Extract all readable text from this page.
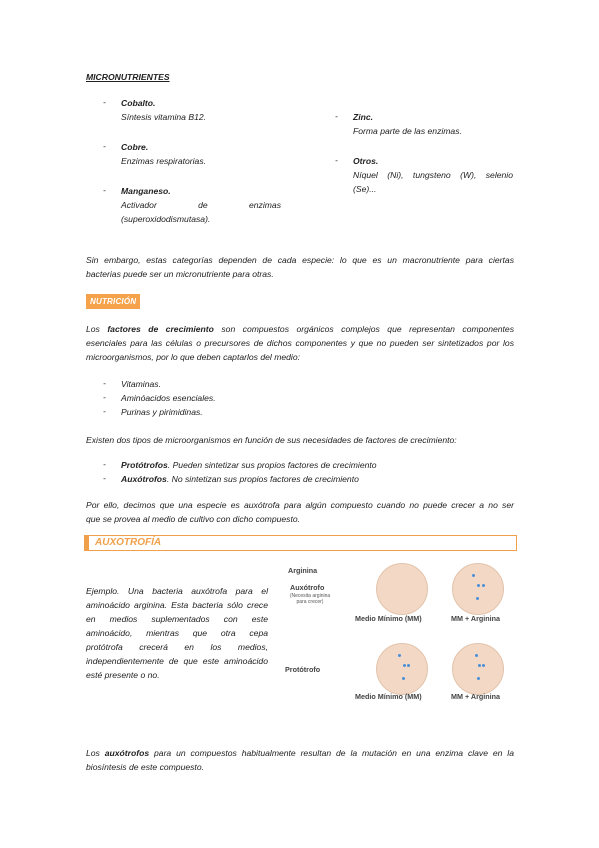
MICRONUTRIENTES
- Cobalto.
Síntesis vitamina B12.
- Cobre.
Enzimas respiratorias.
- Manganeso.
Activador de enzimas
(superoxidodismutasa).
- Zinc.
Forma parte de las enzimas.
- Otros.
Níquel (Ni), tungsteno (W), selenio
(Se)...
Sin embargo, estas categorías dependen de cada especie: lo que es un macronutriente para ciertas
bacterias puede ser un micronutriente para otras.
NUTRICIÓN
Los factores de crecimiento son compuestos orgánicos complejos que representan componentes
esenciales para las células o precursores de dichos componentes y que no pueden ser sintetizados por los
microorganismos, por lo que deben captarlos del medio:
- Vitaminas.
- Aminóacidos esenciales.
- Purinas y pirimidinas.
Existen dos tipos de microorganismos en función de sus necesidades de factores de crecimiento:
- Protótrofos. Pueden sintetizar sus propios factores de crecimiento
- Auxótrofos. No sintetizan sus propios factores de crecimiento
Por ello, decimos que una especie es auxótrofa para algún compuesto cuando no puede crecer a no ser
que se provea al medio de cultivo con dicho compuesto.
AUXOTROFÍA
Ejemplo. Una bacteria auxótrofa para el
aminoácido arginina. Esta bacteria sólo crece
en medios suplementados con este
aminoácido, mientras que otra cepa
protótrofa crecerá en los medios,
independientemente de que este aminoácido
esté presente o no.
Arginina
Auxótrofo
(Necesita arginina
para crecer)
Protótrofo
Medio Mínimo (MM)	MM + Arginina
Medio Mínimo (MM)	MM + Arginina
Los auxótrofos para un compuestos habitualmente resultan de la mutación en una enzima clave en la
biosíntesis de este compuesto.
